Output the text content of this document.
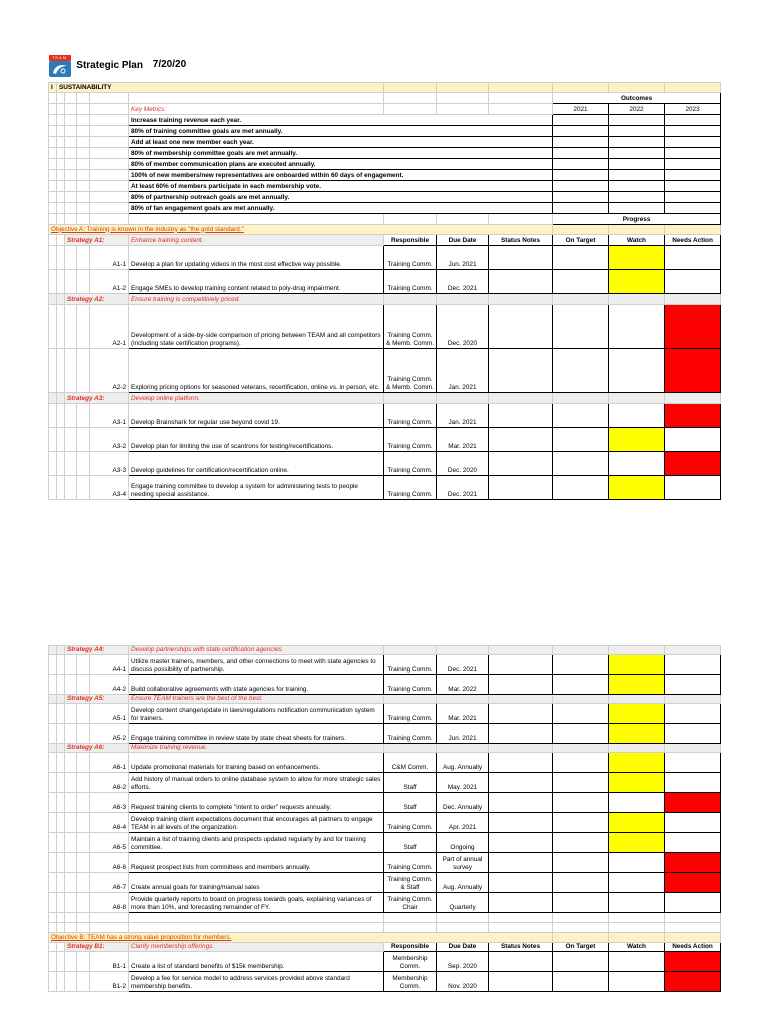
TEAM
Strategic Plan 7/20/20											
I	SUSTAINABILITY										
									Outcomes		
					Key Metrics:				2021	2022	2023
					Increase training revenue each year.						
					80% of training committee goals are met annually.						
					Add at least one new member each year.						
					80% of membership committee goals are met annually.						
					80% of member communication plans are executed annually.						
					100% of new members/new representatives are onboarded within 60 days of engagement.						
					At least 60% of members participate in each membership vote.						
					80% of partnership outreach goals are met annually.						
					80% of fan engagement goals are met annually.						
									Progress		
Objective A: Training is known in the industry as "the gold standard."											
		Strategy A1:			Enhance training content.	Responsible	Due Date	Status Notes	On Target	Watch	Needs Action
				A1-1	Develop a plan for updating videos in the most cost effective way possible.	Training Comm.	Jun. 2021				
				A1-2	Engage SMEs to develop training content related to poly-drug impairment.	Training Comm.	Dec. 2021				
		Strategy A2:			Ensure training is competitively priced.						
				A2-1	Development of a side-by-side comparison of pricing between TEAM and all competitors (including state certification programs).	Training Comm. & Memb. Comm.	Dec. 2020				
				A2-2	Exploring pricing options for seasoned veterans, recertification, online vs. in person, etc.	Training Comm. & Memb. Comm.	Jan. 2021				
		Strategy A3:			Develop online platform.						
				A3-1	Develop Brainshark for regular use beyond covid 19.	Training Comm.	Jan. 2021				
				A3-2	Develop plan for limiting the use of scantrons for testing/recertifications.	Training Comm.	Mar. 2021				
				A3-3	Develop guidelines for certification/recertification online.	Training Comm.	Dec. 2020				
				A3-4	Engage training committee to develop a system for administering tests to people needing special assistance.	Training Comm.	Dec. 2021				
		Strategy A4:			Develop partnerships with state certification agencies.						
				A4-1	Utilize master trainers, members, and other connections to meet with state agencies to discuss possibility of partnership.	Training Comm.	Dec. 2021				
				A4-2	Build collaborative agreements with state agencies for training.	Training Comm.	Mar. 2022				
		Strategy A5:			Ensure TEAM trainers are the best of the best.						
				A5-1	Develop content change/update in laws/regulations notification communication system for trainers.	Training Comm.	Mar. 2021				
				A5-2	Engage training committee in review state by state cheat sheets for trainers.	Training Comm.	Jun. 2021				
		Strategy A6:			Maximize training revenue.						
				A6-1	Update promotional materials for training based on enhancements.	C&M Comm.	Aug. Annually				
				A6-2	Add history of manual orders to online database system to allow for more strategic sales efforts.	Staff	May. 2021				
				A6-3	Request training clients to complete "intent to order" requests annually.	Staff	Dec. Annually				
				A6-4	Develop training client expectations document that encourages all partners to engage TEAM in all levels of the organization.	Training Comm.	Apr. 2021				
				A6-5	Maintain a list of training clients and prospects updated regularly by and for training committee.	Staff	Ongoing				
				A6-6	Request prospect lists from committees and members annually.	Training Comm.	Part of annual survey				
				A6-7	Create annual goals for training/manual sales	Training Comm. & Staff	Aug. Annually				
				A6-8	Provide quarterly reports to board on progress towards goals, explaining variances of more than 10%, and forecasting remainder of FY.	Training Comm. Chair	Quarterly				

Objective B: TEAM has a strong value proposition for members.											
		Strategy B1:			Clarify membership offerings.	Responsible	Due Date	Status Notes	On Target	Watch	Needs Action
				B1-1	Create a list of standard benefits of $15k membership.	Membership Comm.	Sep. 2020				
				B1-2	Develop a fee for service model to address services provided above standard membership benefits.	Membership Comm.	Nov. 2020				
